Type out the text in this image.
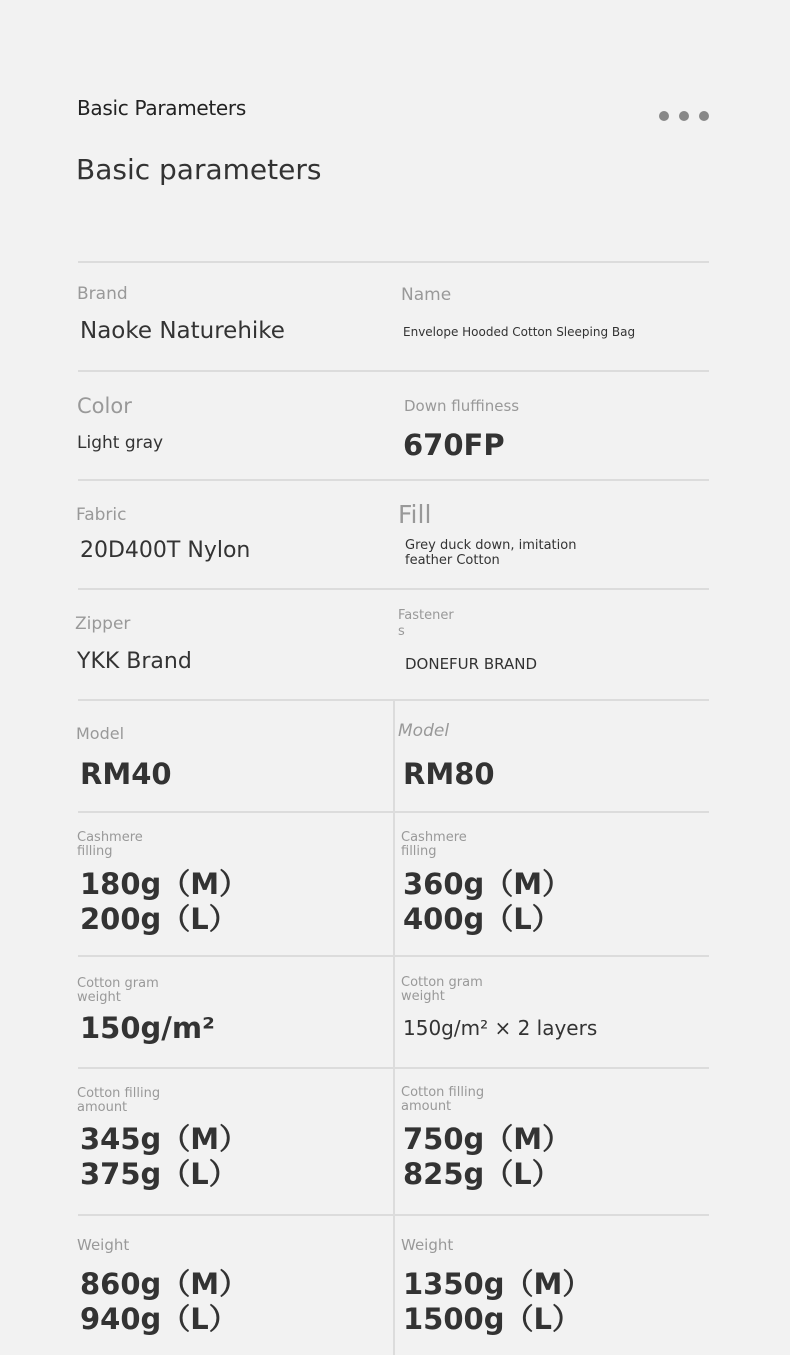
Basic Parameters
Basic parameters
Brand
Naoke Naturehike
Name
Envelope Hooded Cotton Sleeping Bag
Color
Light gray
Down fluffiness
670FP
Fabric
20D400T Nylon
Fill
Grey duck down, imitation
feather Cotton
Zipper
YKK Brand
Fastener
s
DONEFUR BRAND
Model
RM40
Cashmere
filling
180g（M）
200g（L）
Cotton gram
weight
150g/m²
Cotton filling
amount
345g（M）
375g（L）
Weight
860g（M）
940g（L）
Model
RM80
Cashmere
filling
360g（M）
400g（L）
Cotton gram
weight
150g/m² × 2 layers
Cotton filling
amount
750g（M）
825g（L）
Weight
1350g（M）
1500g（L）
